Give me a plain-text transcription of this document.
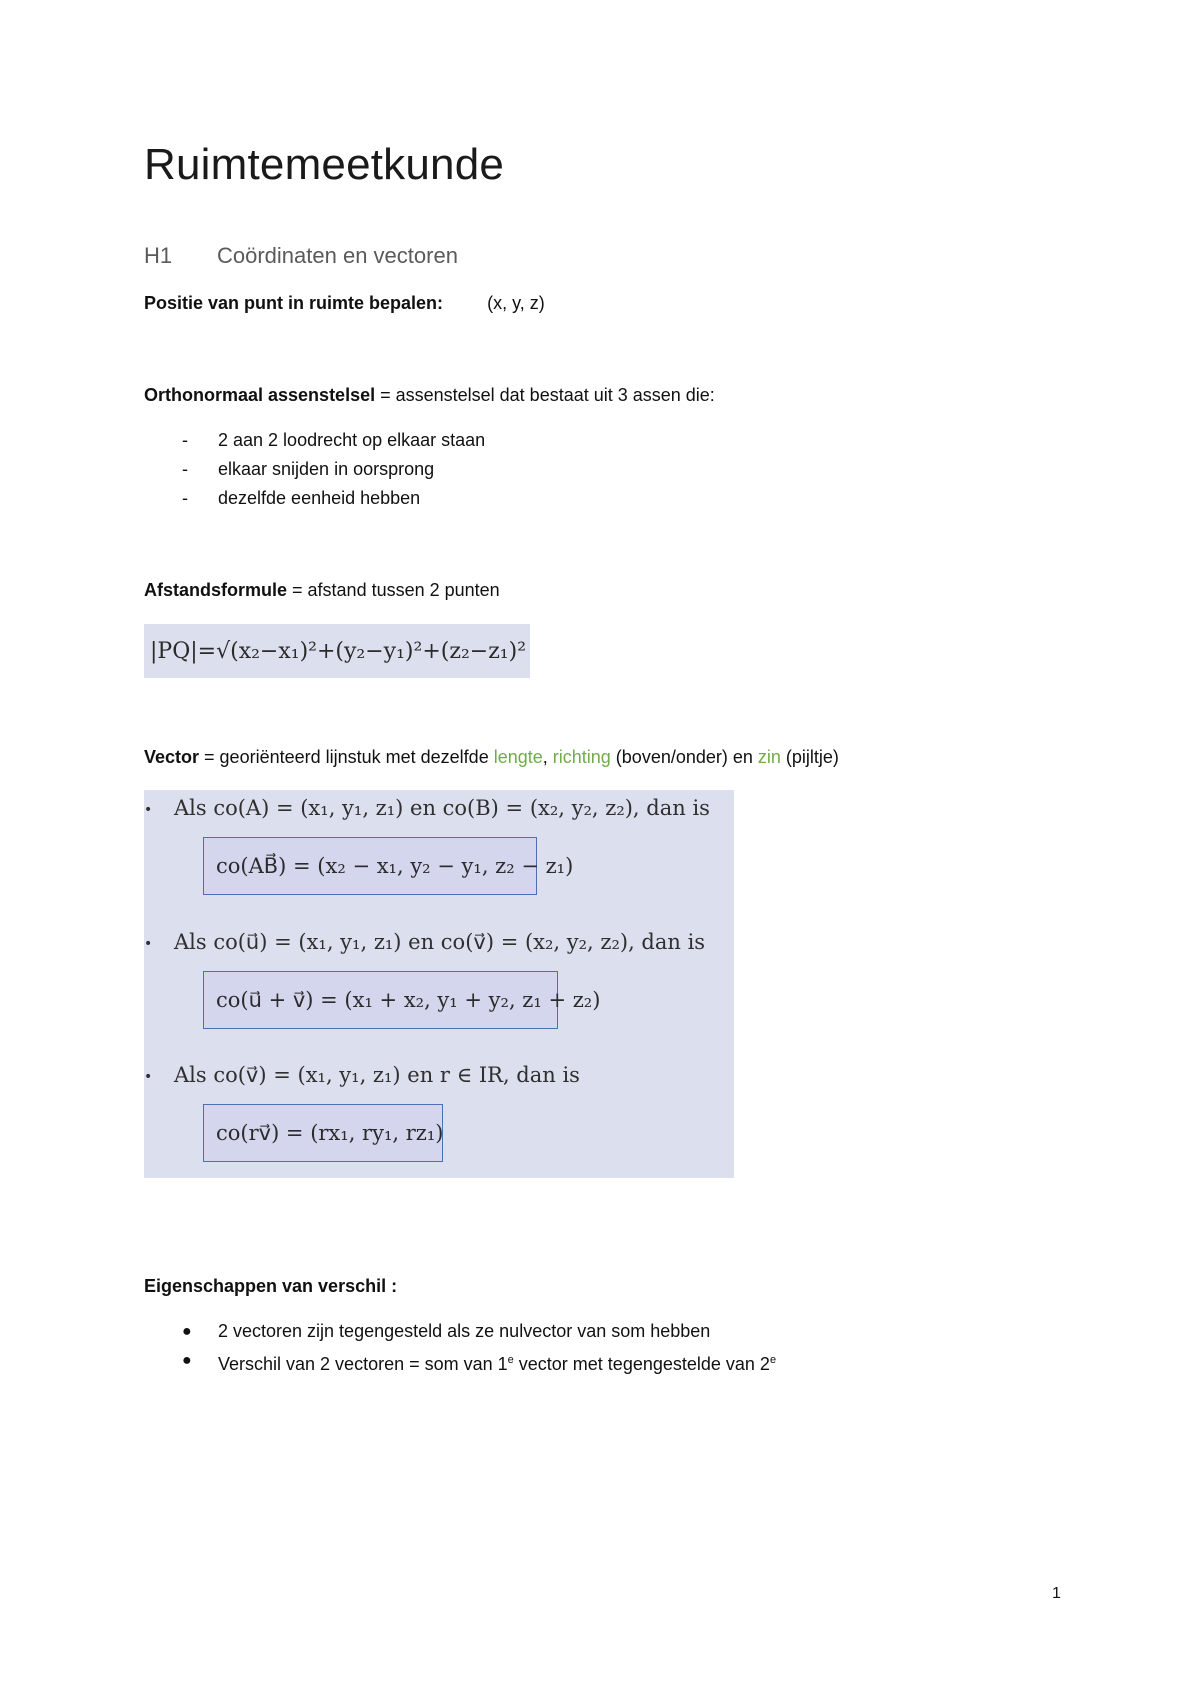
Ruimtemeetkunde
H1 Coördinaten en vectoren
Positie van punt in ruimte bepalen: (x, y, z)
Orthonormaal assenstelsel = assenstelsel dat bestaat uit 3 assen die:
- 2 aan 2 loodrecht op elkaar staan
- elkaar snijden in oorsprong
- dezelfde eenheid hebben
Afstandsformule = afstand tussen 2 punten
|PQ|=√(x₂−x₁)²+(y₂−y₁)²+(z₂−z₁)²
Vector = georiënteerd lijnstuk met dezelfde lengte, richting (boven/onder) en zin (pijltje)
• Als co(A) = (x₁, y₁, z₁) en co(B) = (x₂, y₂, z₂), dan is
co(AB⃗) = (x₂ − x₁, y₂ − y₁, z₂ − z₁)
• Als co(u⃗) = (x₁, y₁, z₁) en co(v⃗) = (x₂, y₂, z₂), dan is
co(u⃗ + v⃗) = (x₁ + x₂, y₁ + y₂, z₁ + z₂)
• Als co(v⃗) = (x₁, y₁, z₁) en r ∈ IR, dan is
co(rv⃗) = (rx₁, ry₁, rz₁)
Eigenschappen van verschil :
● 2 vectoren zijn tegengesteld als ze nulvector van som hebben
● Verschil van 2 vectoren = som van 1e vector met tegengestelde van 2e
1
